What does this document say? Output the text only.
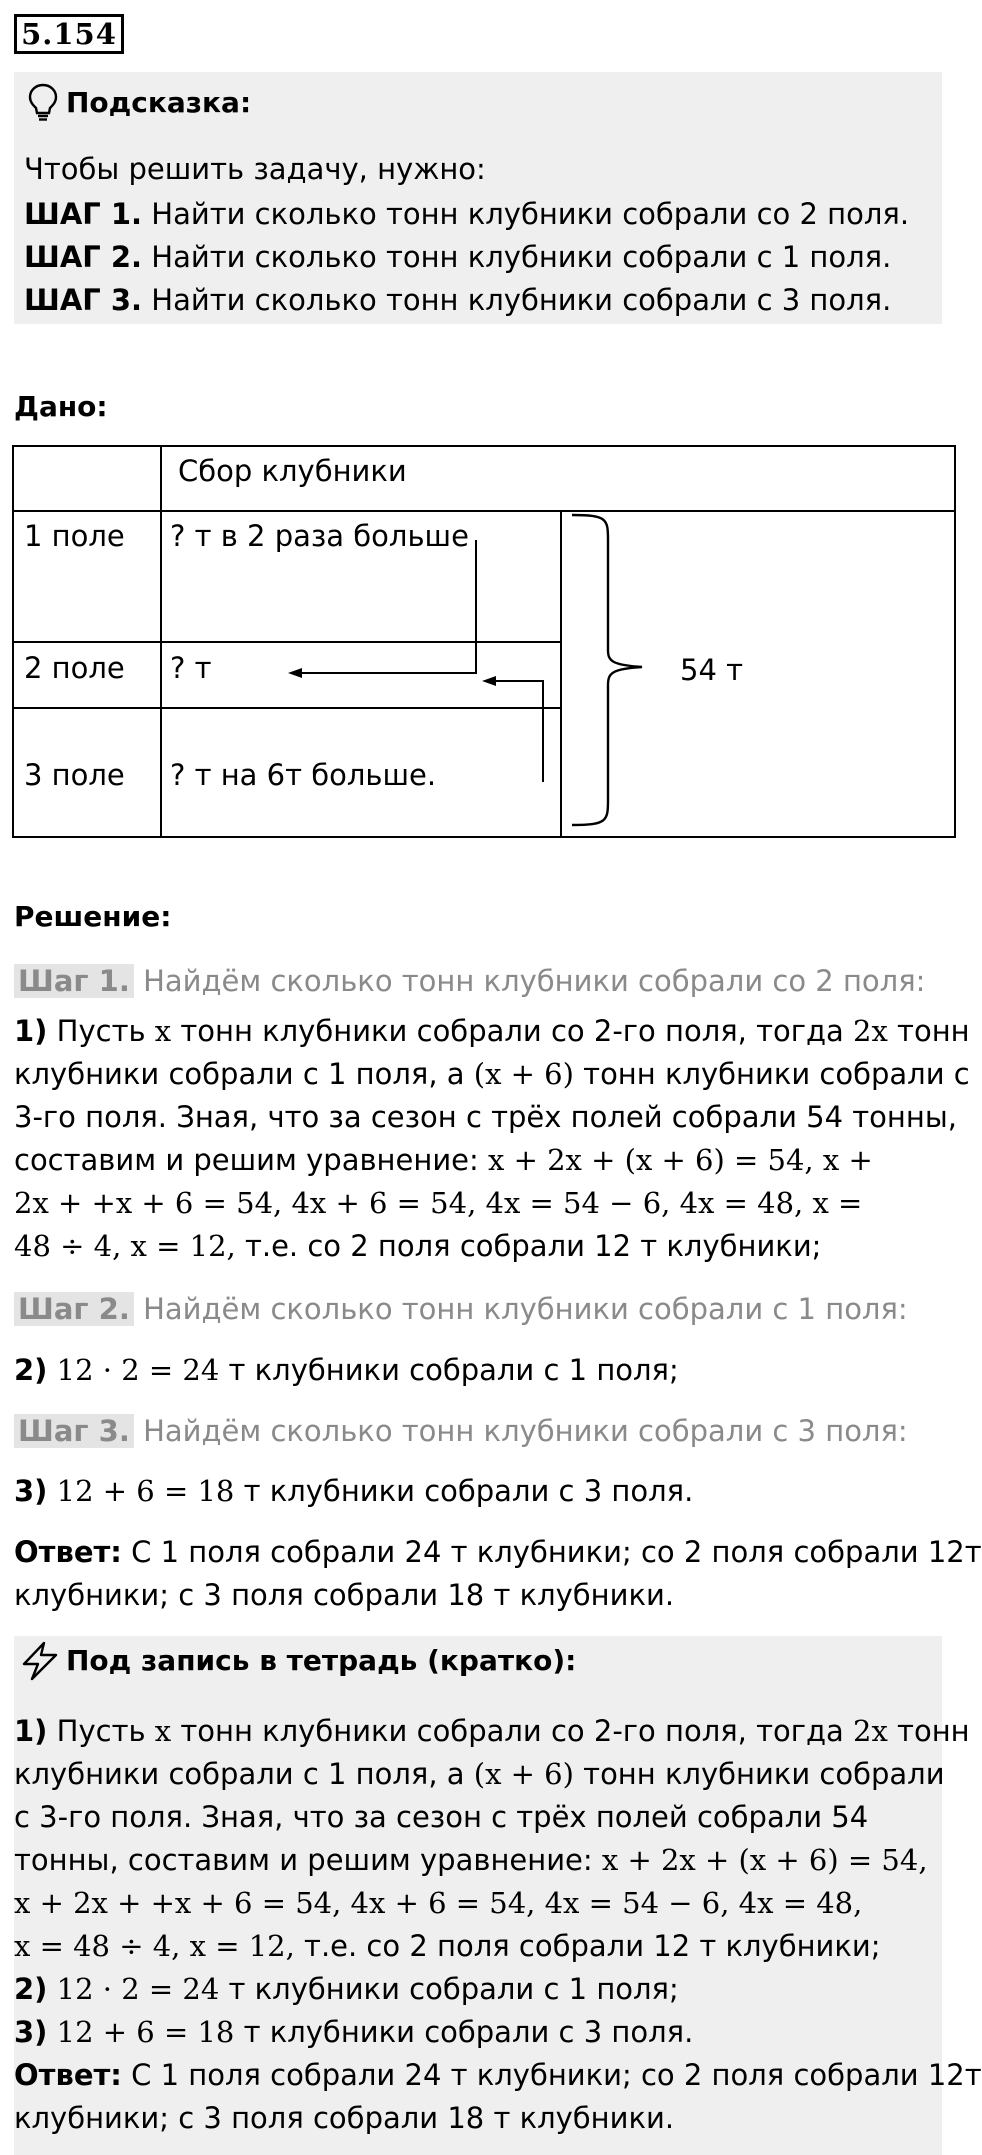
5.154
Подсказка:
Чтобы решить задачу, нужно:
ШАГ 1. Найти сколько тонн клубники собрали со 2 поля.
ШАГ 2. Найти сколько тонн клубники собрали с 1 поля.
ШАГ 3. Найти сколько тонн клубники собрали с 3 поля.
Дано:
Сбор клубники
1 поле ? т в 2 раза больше
2 поле ? т
3 поле ? т на 6т больше.
54 т
Решение:
Шаг 1. Найдём сколько тонн клубники собрали со 2 поля:
1) Пусть x тонн клубники собрали со 2-го поля, тогда 2x тонн
клубники собрали с 1 поля, а (x + 6) тонн клубники собрали с
3-го поля. Зная, что за сезон с трёх полей собрали 54 тонны,
составим и решим уравнение: x + 2x + (x + 6) = 54, x +
2x + +x + 6 = 54, 4x + 6 = 54, 4x = 54 − 6, 4x = 48, x =
48 ÷ 4, x = 12, т.е. со 2 поля собрали 12 т клубники;
Шаг 2. Найдём сколько тонн клубники собрали с 1 поля:
2) 12 · 2 = 24 т клубники собрали с 1 поля;
Шаг 3. Найдём сколько тонн клубники собрали с 3 поля:
3) 12 + 6 = 18 т клубники собрали с 3 поля.
Ответ: С 1 поля собрали 24 т клубники; со 2 поля собрали 12т
клубники; с 3 поля собрали 18 т клубники.
Под запись в тетрадь (кратко):
1) Пусть x тонн клубники собрали со 2-го поля, тогда 2x тонн
клубники собрали с 1 поля, а (x + 6) тонн клубники собрали
с 3-го поля. Зная, что за сезон с трёх полей собрали 54
тонны, составим и решим уравнение: x + 2x + (x + 6) = 54,
x + 2x + +x + 6 = 54, 4x + 6 = 54, 4x = 54 − 6, 4x = 48,
x = 48 ÷ 4, x = 12, т.е. со 2 поля собрали 12 т клубники;
2) 12 · 2 = 24 т клубники собрали с 1 поля;
3) 12 + 6 = 18 т клубники собрали с 3 поля.
Ответ: С 1 поля собрали 24 т клубники; со 2 поля собрали 12т
клубники; с 3 поля собрали 18 т клубники.
